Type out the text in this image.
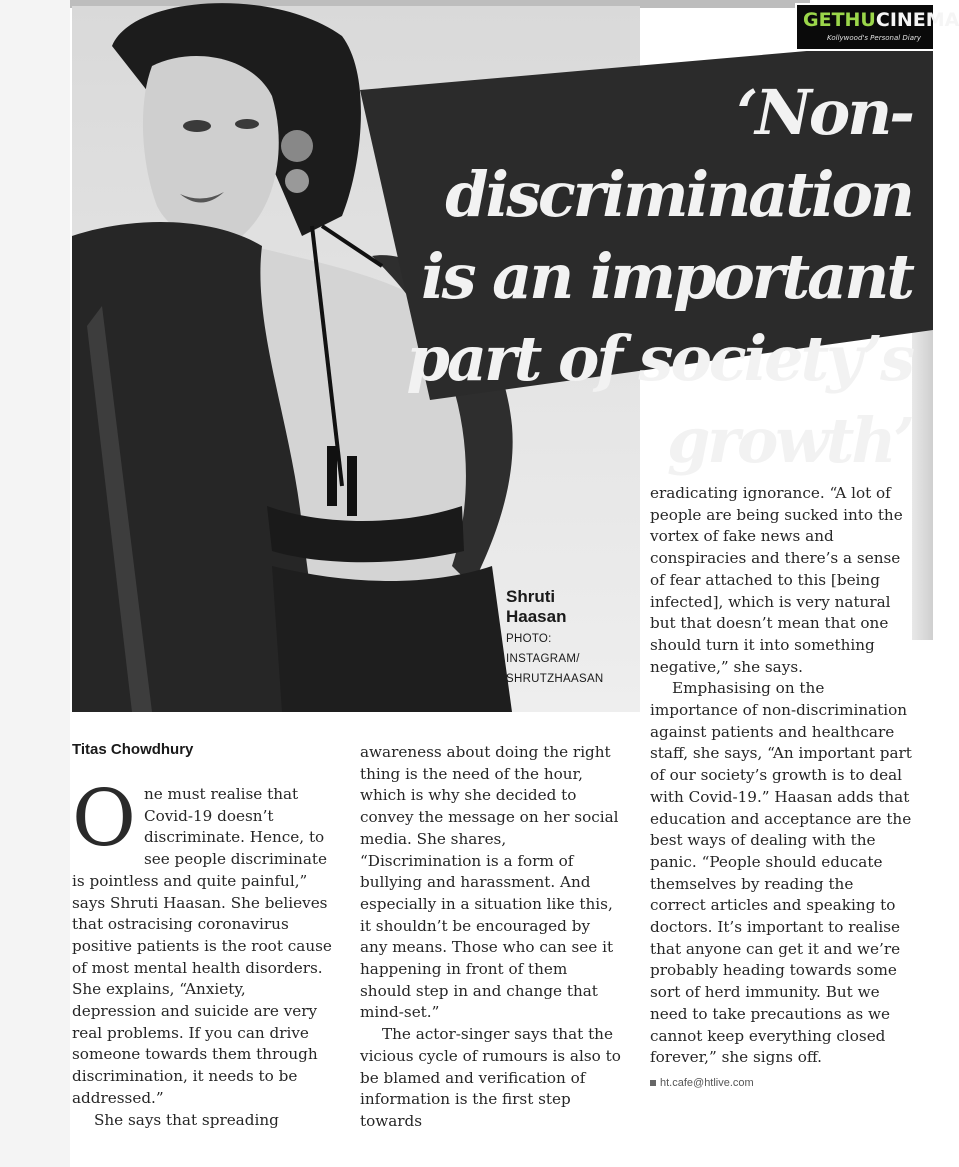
‘Non-discrimination
is an important
part of society’s
growth’
GETHUCINEMA
Kollywood's Personal Diary
Shruti
Haasan
PHOTO:
INSTAGRAM/
SHRUTZHAASAN
Titas Chowdhury

One must realise that Covid-19 doesn’t discriminate. Hence, to see people discriminate is pointless and quite painful,” says Shruti Haasan. She believes that ostracising coronavirus positive patients is the root cause of most mental health disorders. She explains, “Anxiety, depression and suicide are very real problems. If you can drive someone towards them through discrimination, it needs to be addressed.”

She says that spreading

awareness about doing the right thing is the need of the hour, which is why she decided to convey the message on her social media. She shares, “Discrimination is a form of bullying and harassment. And especially in a situation like this, it shouldn’t be encouraged by any means. Those who can see it happening in front of them should step in and change that mind-set.”

The actor-singer says that the vicious cycle of rumours is also to be blamed and verification of information is the first step towards

eradicating ignorance. “A lot of people are being sucked into the vortex of fake news and conspiracies and there’s a sense of fear attached to this [being infected], which is very natural but that doesn’t mean that one should turn it into something negative,” she says.

Emphasising on the importance of non-discrimination against patients and healthcare staff, she says, “An important part of our society’s growth is to deal with Covid-19.” Haasan adds that education and acceptance are the best ways of dealing with the panic. “People should educate themselves by reading the correct articles and speaking to doctors. It’s important to realise that anyone can get it and we’re probably heading towards some sort of herd immunity. But we need to take precautions as we cannot keep everything closed forever,” she signs off.

ht.cafe@htlive.com
